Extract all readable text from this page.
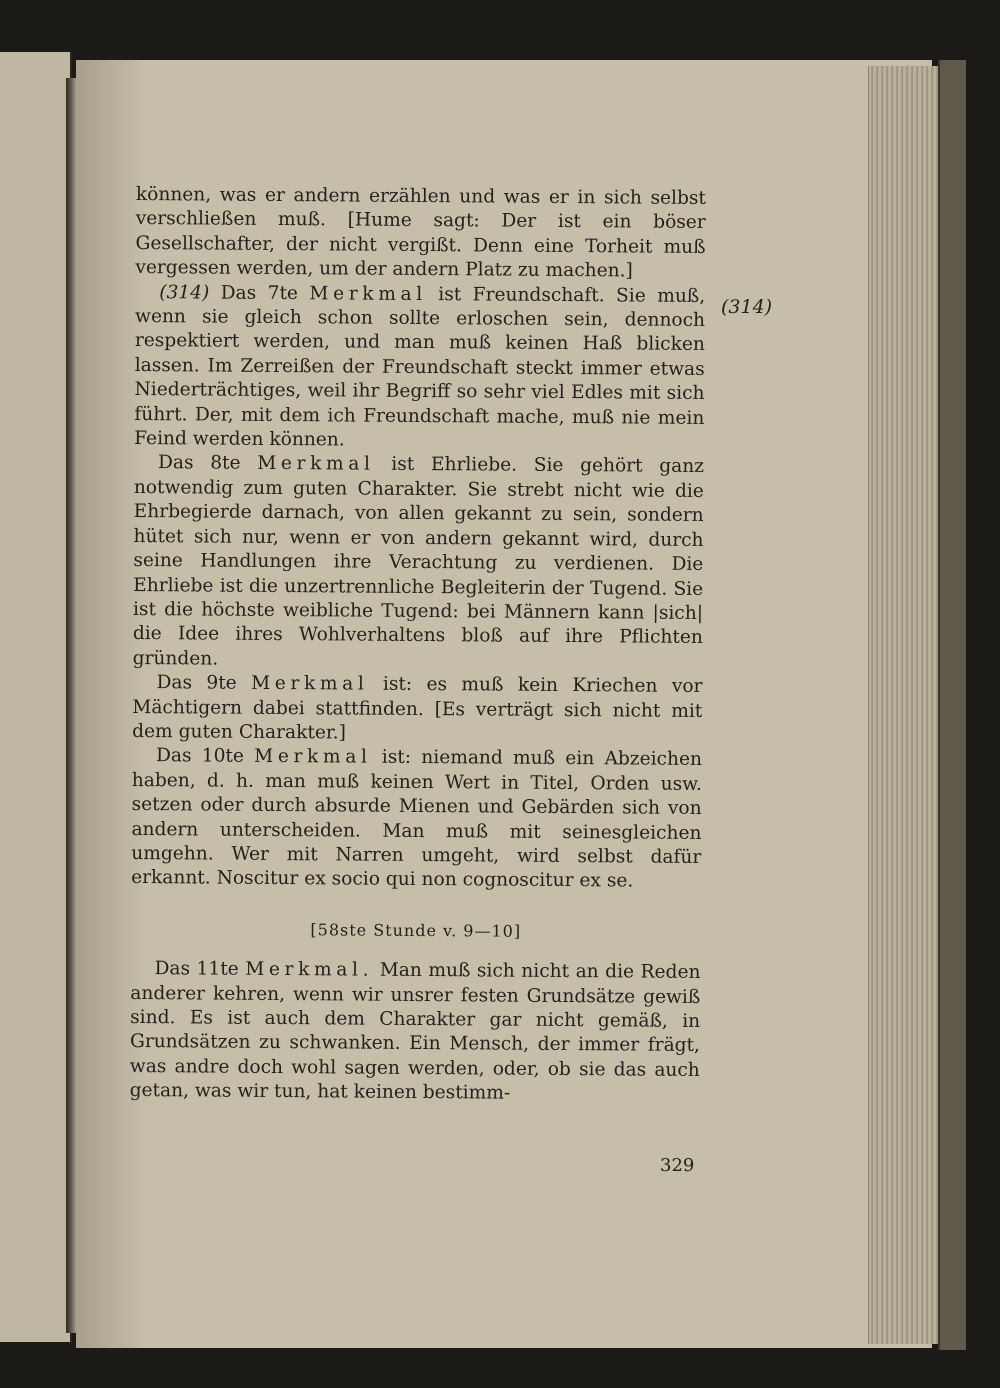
können, was er andern erzählen und was er in sich selbst verschließen muß. [Hume sagt: Der ist ein böser Gesellschafter, der nicht vergißt. Denn eine Torheit muß vergessen werden, um der andern Platz zu machen.]

(314) Das 7te Merkmal ist Freundschaft. Sie muß, wenn sie gleich schon sollte erloschen sein, dennoch respektiert werden, und man muß keinen Haß blicken lassen. Im Zerreißen der Freundschaft steckt immer etwas Niederträchtiges, weil ihr Begriff so sehr viel Edles mit sich führt. Der, mit dem ich Freundschaft mache, muß nie mein Feind werden können.

Das 8te Merkmal ist Ehrliebe. Sie gehört ganz notwendig zum guten Charakter. Sie strebt nicht wie die Ehrbegierde darnach, von allen gekannt zu sein, sondern hütet sich nur, wenn er von andern gekannt wird, durch seine Handlungen ihre Verachtung zu verdienen. Die Ehrliebe ist die unzertrennliche Begleiterin der Tugend. Sie ist die höchste weibliche Tugend: bei Männern kann |sich| die Idee ihres Wohlverhaltens bloß auf ihre Pflichten gründen.

Das 9te Merkmal ist: es muß kein Kriechen vor Mächtigern dabei stattfinden. [Es verträgt sich nicht mit dem guten Charakter.]

Das 10te Merkmal ist: niemand muß ein Abzeichen haben, d. h. man muß keinen Wert in Titel, Orden usw. setzen oder durch absurde Mienen und Gebärden sich von andern unterscheiden. Man muß mit seinesgleichen umgehn. Wer mit Narren umgeht, wird selbst dafür erkannt. Noscitur ex socio qui non cognoscitur ex se.

[58ste Stunde v. 9—10]

Das 11te Merkmal. Man muß sich nicht an die Reden anderer kehren, wenn wir unsrer festen Grundsätze gewiß sind. Es ist auch dem Charakter gar nicht gemäß, in Grundsätzen zu schwanken. Ein Mensch, der immer frägt, was andre doch wohl sagen werden, oder, ob sie das auch getan, was wir tun, hat keinen bestimm-

(314)
329
